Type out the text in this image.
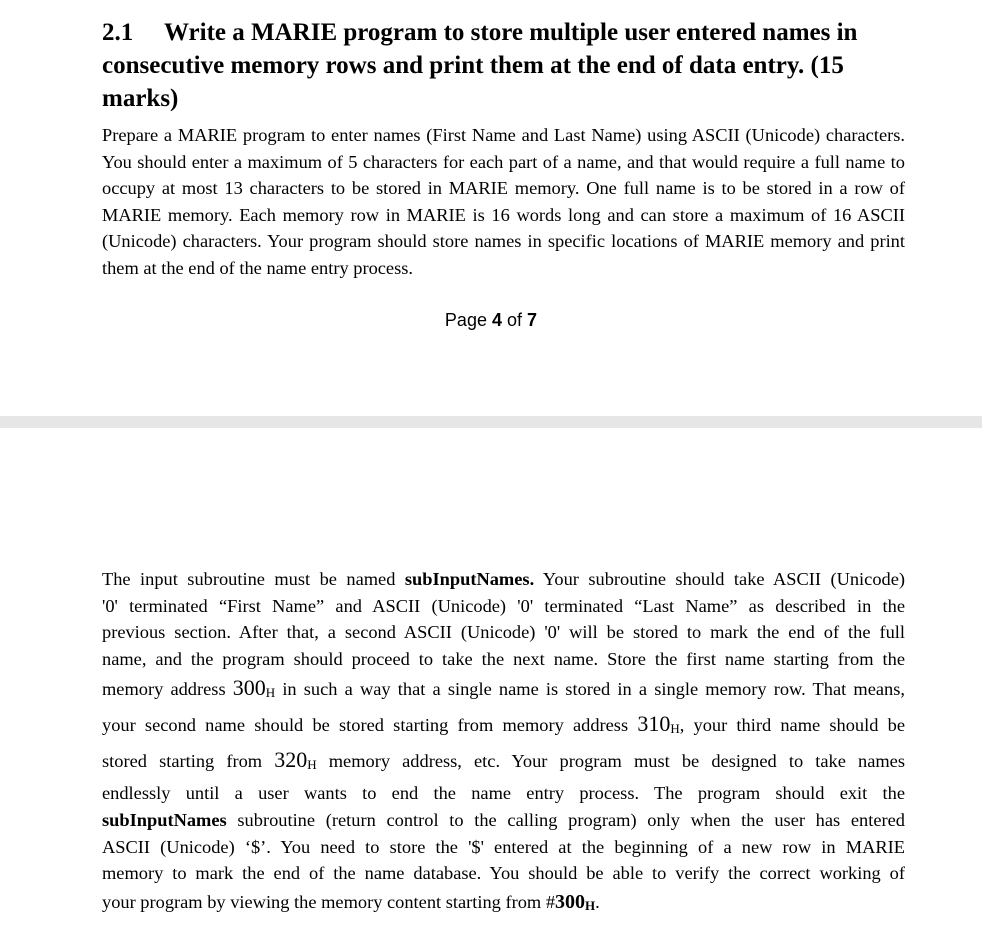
2.1 Write a MARIE program to store multiple user entered names in consecutive memory rows and print them at the end of data entry. (15 marks)

Prepare a MARIE program to enter names (First Name and Last Name) using ASCII (Unicode) characters. You should enter a maximum of 5 characters for each part of a name, and that would require a full name to occupy at most 13 characters to be stored in MARIE memory. One full name is to be stored in a row of MARIE memory. Each memory row in MARIE is 16 words long and can store a maximum of 16 ASCII (Unicode) characters. Your program should store names in specific locations of MARIE memory and print them at the end of the name entry process.

Page 4 of 7
The input subroutine must be named subInputNames. Your subroutine should take ASCII (Unicode)
'0' terminated “First Name” and ASCII (Unicode) '0' terminated “Last Name” as described in the
previous section. After that, a second ASCII (Unicode) '0' will be stored to mark the end of the full
name, and the program should proceed to take the next name. Store the first name starting from the
memory address 300H in such a way that a single name is stored in a single memory row. That means,
your second name should be stored starting from memory address 310H, your third name should be
stored starting from 320H memory address, etc. Your program must be designed to take names
endlessly until a user wants to end the name entry process. The program should exit the
subInputNames subroutine (return control to the calling program) only when the user has entered
ASCII (Unicode) ‘$’. You need to store the '$' entered at the beginning of a new row in MARIE
memory to mark the end of the name database. You should be able to verify the correct working of
your program by viewing the memory content starting from #300H.
